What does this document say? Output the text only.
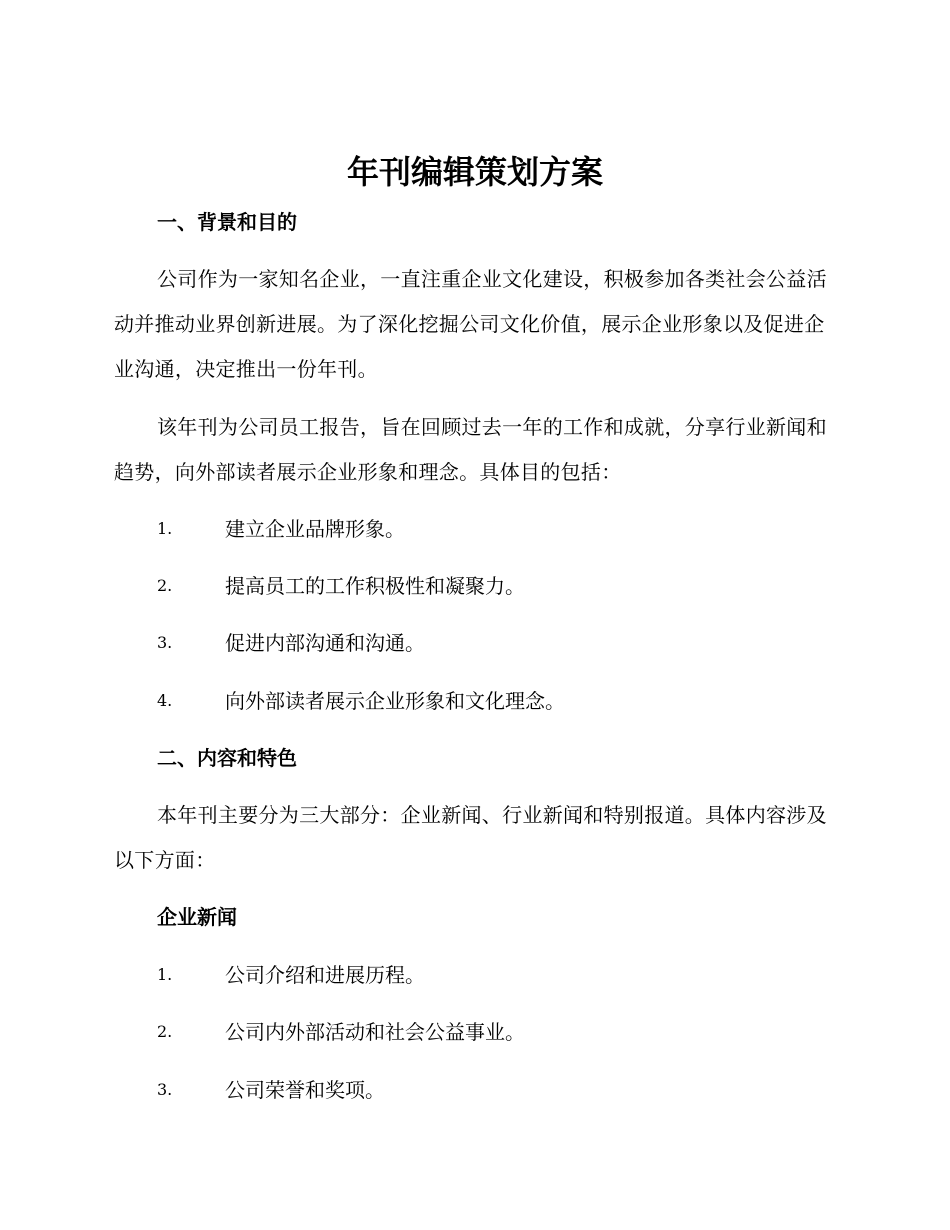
年刊编辑策划方案
一、背景和目的
公司作为一家知名企业，一直注重企业文化建设，积极参加各类社会公益活动并推动业界创新进展。为了深化挖掘公司文化价值，展示企业形象以及促进企业沟通，决定推出一份年刊。
该年刊为公司员工报告，旨在回顾过去一年的工作和成就，分享行业新闻和趋势，向外部读者展示企业形象和理念。具体目的包括：
1.	建立企业品牌形象。
2.	提高员工的工作积极性和凝聚力。
3.	促进内部沟通和沟通。
4.	向外部读者展示企业形象和文化理念。
二、内容和特色
本年刊主要分为三大部分：企业新闻、行业新闻和特别报道。具体内容涉及以下方面：
企业新闻
1.	公司介绍和进展历程。
2.	公司内外部活动和社会公益事业。
3.	公司荣誉和奖项。
